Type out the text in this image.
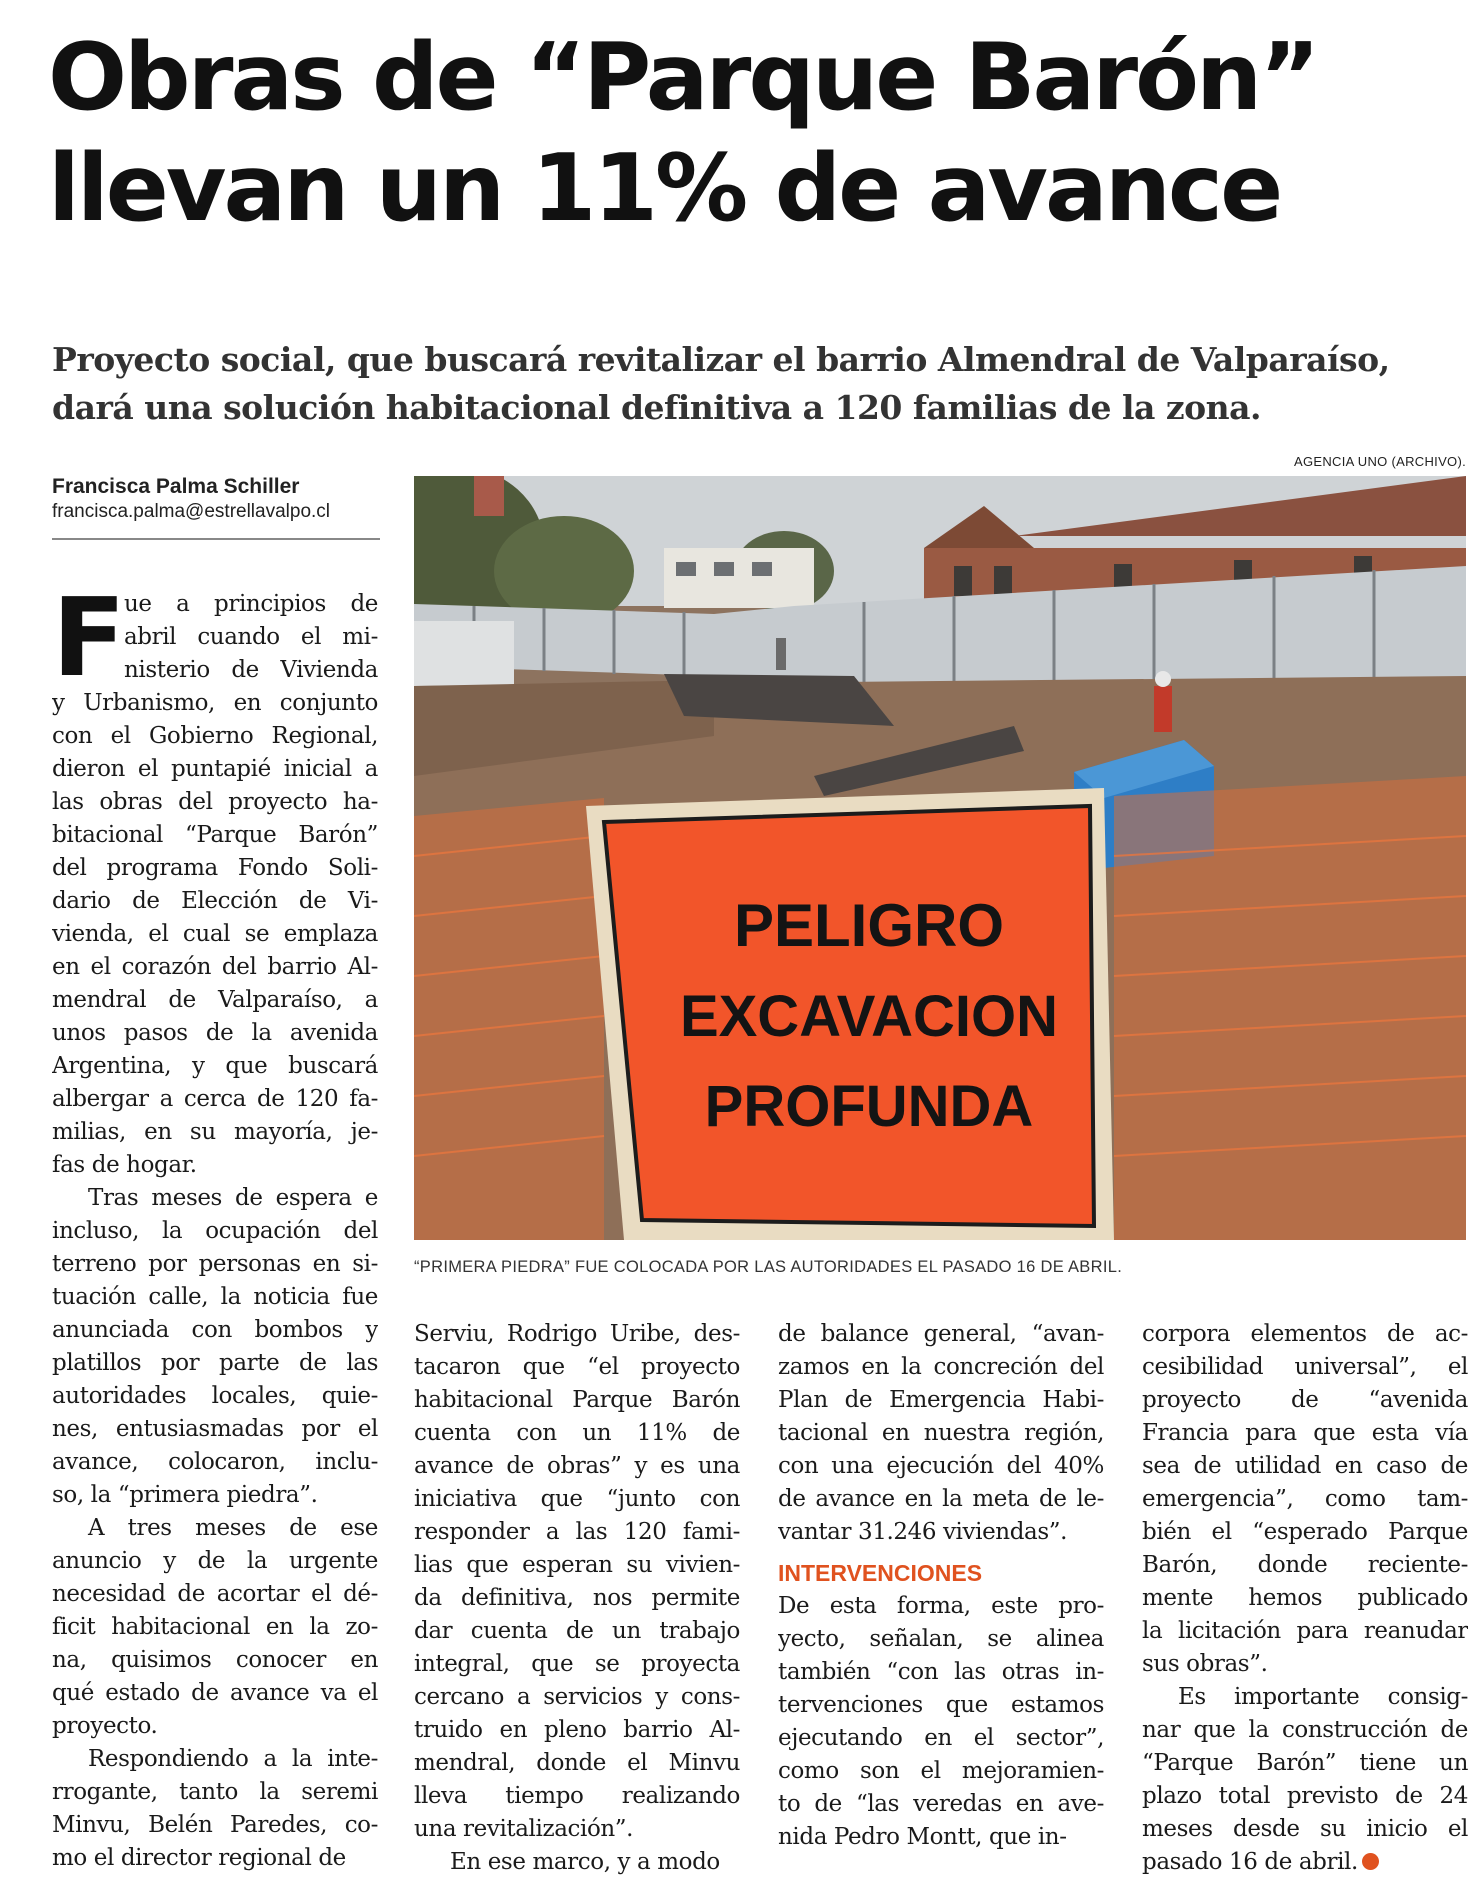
Obras de “Parque Barón”
llevan un 11% de avance
Proyecto social, que buscará revitalizar el barrio Almendral de Valparaíso,
dará una solución habitacional definitiva a 120 familias de la zona.
AGENCIA UNO (ARCHIVO).
Francisca Palma Schiller
francisca.palma@estrellavalpo.cl
PELIGRO
EXCAVACION
PROFUNDA
“PRIMERA PIEDRA” FUE COLOCADA POR LAS AUTORIDADES EL PASADO 16 DE ABRIL.
F
ue a principios de
abril cuando el mi-
nisterio de Vivienda
y Urbanismo, en conjunto
con el Gobierno Regional,
dieron el puntapié inicial a
las obras del proyecto ha-
bitacional “Parque Barón”
del programa Fondo Soli-
dario de Elección de Vi-
vienda, el cual se emplaza
en el corazón del barrio Al-
mendral de Valparaíso, a
unos pasos de la avenida
Argentina, y que buscará
albergar a cerca de 120 fa-
milias, en su mayoría, je-
fas de hogar.
Tras meses de espera e
incluso, la ocupación del
terreno por personas en si-
tuación calle, la noticia fue
anunciada con bombos y
platillos por parte de las
autoridades locales, quie-
nes, entusiasmadas por el
avance, colocaron, inclu-
so, la “primera piedra”.
A tres meses de ese
anuncio y de la urgente
necesidad de acortar el dé-
ficit habitacional en la zo-
na, quisimos conocer en
qué estado de avance va el
proyecto.
Respondiendo a la inte-
rrogante, tanto la seremi
Minvu, Belén Paredes, co-
mo el director regional de
Serviu, Rodrigo Uribe, des-
tacaron que “el proyecto
habitacional Parque Barón
cuenta con un 11% de
avance de obras” y es una
iniciativa que “junto con
responder a las 120 fami-
lias que esperan su vivien-
da definitiva, nos permite
dar cuenta de un trabajo
integral, que se proyecta
cercano a servicios y cons-
truido en pleno barrio Al-
mendral, donde el Minvu
lleva tiempo realizando
una revitalización”.
En ese marco, y a modo
de balance general, “avan-
zamos en la concreción del
Plan de Emergencia Habi-
tacional en nuestra región,
con una ejecución del 40%
de avance en la meta de le-
vantar 31.246 viviendas”.
INTERVENCIONES
De esta forma, este pro-
yecto, señalan, se alinea
también “con las otras in-
tervenciones que estamos
ejecutando en el sector”,
como son el mejoramien-
to de “las veredas en ave-
nida Pedro Montt, que in-
corpora elementos de ac-
cesibilidad universal”, el
proyecto de “avenida
Francia para que esta vía
sea de utilidad en caso de
emergencia”, como tam-
bién el “esperado Parque
Barón, donde reciente-
mente hemos publicado
la licitación para reanudar
sus obras”.
Es importante consig-
nar que la construcción de
“Parque Barón” tiene un
plazo total previsto de 24
meses desde su inicio el
pasado 16 de abril.
